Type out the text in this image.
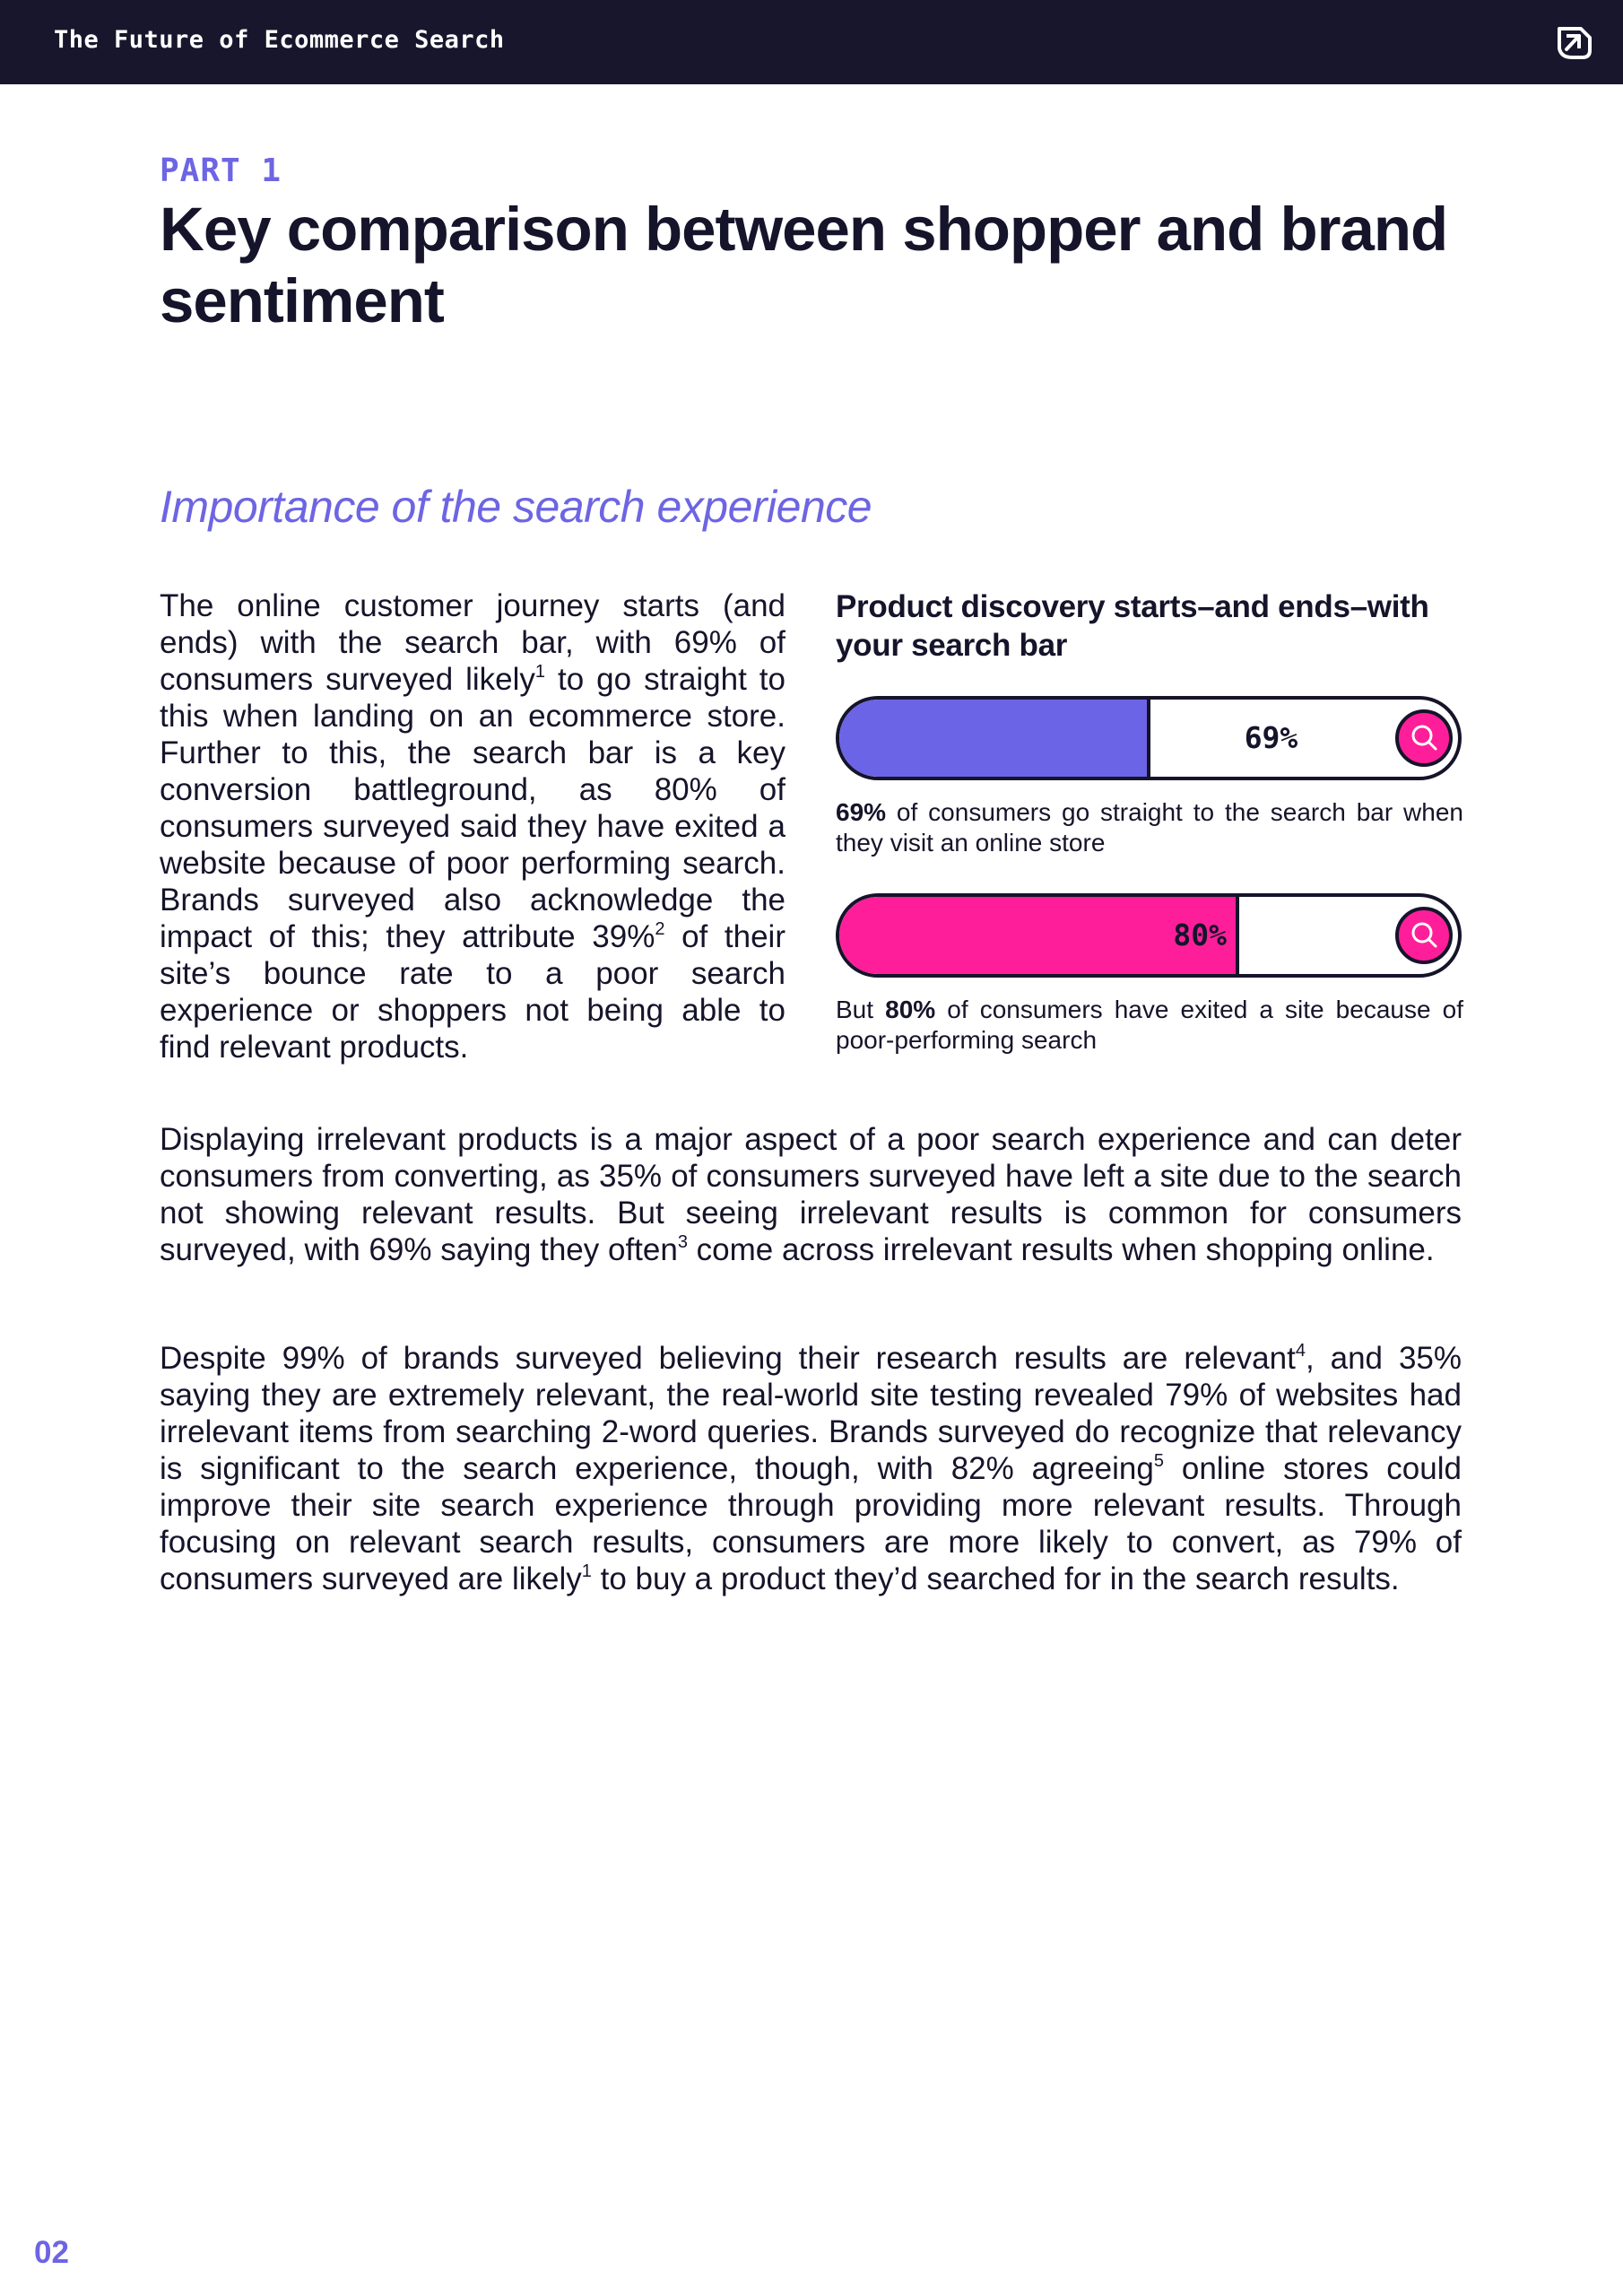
The Future of Ecommerce Search
PART 1
Key comparison between shopper and brand sentiment
Importance of the search experience

The online customer journey starts (and ends) with the search bar, with 69% of consumers surveyed likely$^1$ to go straight to this when landing on an ecommerce store. Further to this, the search bar is a key conversion battleground, as 80% of consumers surveyed said they have exited a website because of poor performing search. Brands surveyed also acknowledge the impact of this; they attribute 39%$^2$ of their site’s bounce rate to a poor search experience or shoppers not being able to find relevant products.

Product discovery starts–and ends–with your search bar
69%

69% of consumers go straight to the search bar when they visit an online store

80%

But 80% of consumers have exited a site because of poor-performing search

Displaying irrelevant products is a major aspect of a poor search experience and can deter consumers from converting, as 35% of consumers surveyed have left a site due to the search not showing relevant results. But seeing irrelevant results is common for consumers surveyed, with 69% saying they often$^3$ come across irrelevant results when shopping online.

Despite 99% of brands surveyed believing their research results are relevant$^4$, and 35% saying they are extremely relevant, the real-world site testing revealed 79% of websites had irrelevant items from searching 2-word queries. Brands surveyed do recognize that relevancy is significant to the search experience, though, with 82% agreeing$^5$ online stores could improve their site search experience through providing more relevant results. Through focusing on relevant search results, consumers are more likely to convert, as 79% of consumers surveyed are likely$^1$ to buy a product they’d searched for in the search results.

02
